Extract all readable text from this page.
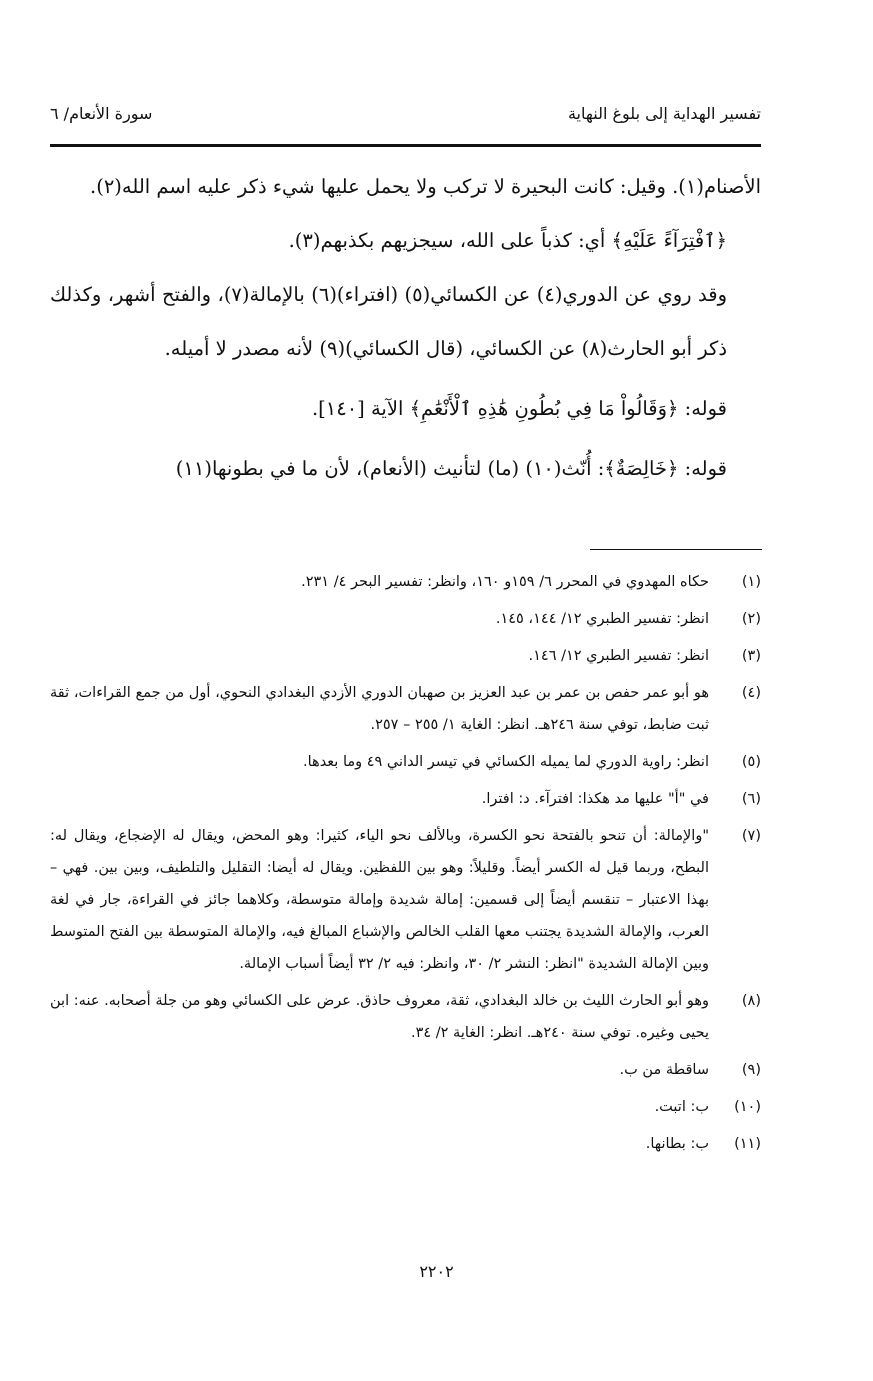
تفسير الهداية إلى بلوغ النهاية
سورة الأنعام/ ٦

الأصنام(١). وقيل: كانت البحيرة لا تركب ولا يحمل عليها شيء ذكر عليه اسم الله(٢).

﴿ٱفْتِرَآءً عَلَيْهِ﴾ أي: كذباً على الله، سيجزيهم بكذبهم(٣).

وقد روي عن الدوري(٤) عن الكسائي(٥) (افتراء)(٦) بالإمالة(٧)، والفتح أشهر، وكذلك ذكر أبو الحارث(٨) عن الكسائي، (قال الكسائي)(٩) لأنه مصدر لا أميله.

قوله: ﴿وَقَالُواْ مَا فِي بُطُونِ هَٰذِهِ ٱلْأَنْعَٰمِ﴾ الآية [١٤٠].

قوله: ﴿خَالِصَةٌ﴾: أُنّث(١٠) (ما) لتأنيث (الأنعام)، لأن ما في بطونها(١١)

(١)
حكاه المهدوي في المحرر ٦/ ١٥٩و ١٦٠، وانظر: تفسير البحر ٤/ ٢٣١.
(٢)
انظر: تفسير الطبري ١٢/ ١٤٤، ١٤٥.
(٣)
انظر: تفسير الطبري ١٢/ ١٤٦.
(٤)
هو أبو عمر حفص بن عمر بن عبد العزيز بن صهبان الدوري الأزدي البغدادي النحوي، أول من جمع القراءات، ثقة ثبت ضابط، توفي سنة ٢٤٦هـ. انظر: الغاية ١/ ٢٥٥ – ٢٥٧.
(٥)
انظر: راوية الدوري لما يميله الكسائي في تيسر الداني ٤٩ وما بعدها.
(٦)
في "أ" عليها مد هكذا: افترآء. د: افترا.
(٧)
"والإمالة: أن تنحو بالفتحة نحو الكسرة، وبالألف نحو الياء، كثيرا: وهو المحض، ويقال له الإضجاع، ويقال له: البطح، وربما قيل له الكسر أيضاً. وقليلاً: وهو بين اللفظين. ويقال له أيضا: التقليل والتلطيف، وبين بين. فهي – بهذا الاعتبار – تنقسم أيضاً إلى قسمين: إمالة شديدة وإمالة متوسطة، وكلاهما جائز في القراءة، جار في لغة العرب، والإمالة الشديدة يجتنب معها القلب الخالص والإشباع المبالغ فيه، والإمالة المتوسطة بين الفتح المتوسط وبين الإمالة الشديدة "انظر: النشر ٢/ ٣٠، وانظر: فيه ٢/ ٣٢ أيضاً أسباب الإمالة.
(٨)
وهو أبو الحارث الليث بن خالد البغدادي، ثقة، معروف حاذق. عرض على الكسائي وهو من جلة أصحابه. عنه: ابن يحيى وغيره. توفي سنة ٢٤٠هـ. انظر: الغاية ٢/ ٣٤.
(٩)
ساقطة من ب.
(١٠)
ب: اتبت.
(١١)
ب: بطانها.
٢٢٠٢
